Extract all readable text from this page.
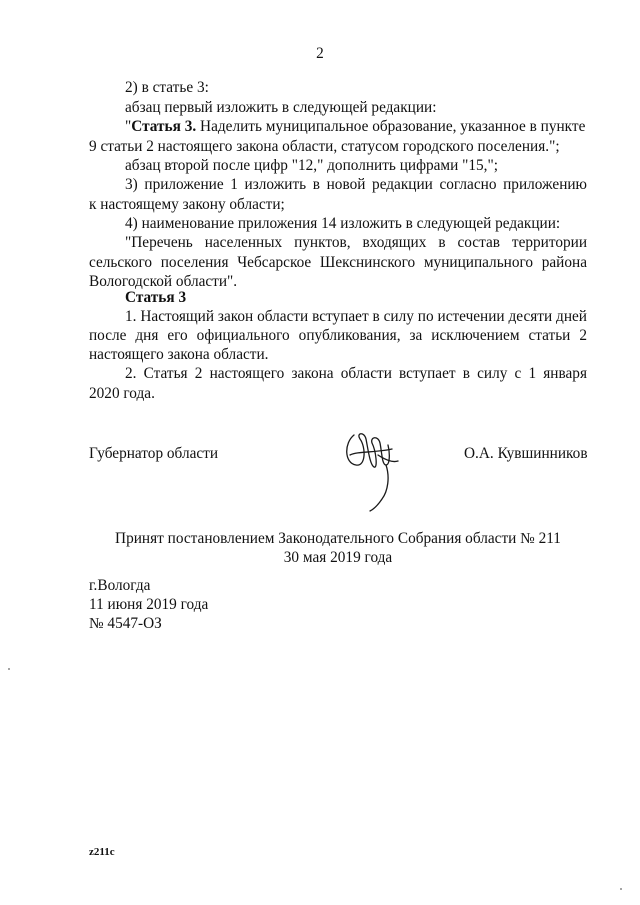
2
2) в статье 3:
абзац первый изложить в следующей редакции:
"Статья 3. Наделить муниципальное образование, указанное в пункте
9 статьи 2 настоящего закона области, статусом городского поселения.";
абзац второй после цифр "12," дополнить цифрами "15,";
3) приложение 1 изложить в новой редакции согласно приложению
к настоящему закону области;
4) наименование приложения 14 изложить в следующей редакции:
"Перечень населенных пунктов, входящих в состав территории
сельского поселения Чебсарское Шекснинского муниципального района
Вологодской области".
Статья 3
1. Настоящий закон области вступает в силу по истечении десяти дней
после дня его официального опубликования, за исключением статьи 2
настоящего закона области.
2. Статья 2 настоящего закона области вступает в силу с 1 января
2020 года.
Губернатор области	О.А. Кувшинников
Принят постановлением Законодательного Собрания области № 211
30 мая 2019 года
г.Вологда
11 июня 2019 года
№ 4547-ОЗ
z211c
